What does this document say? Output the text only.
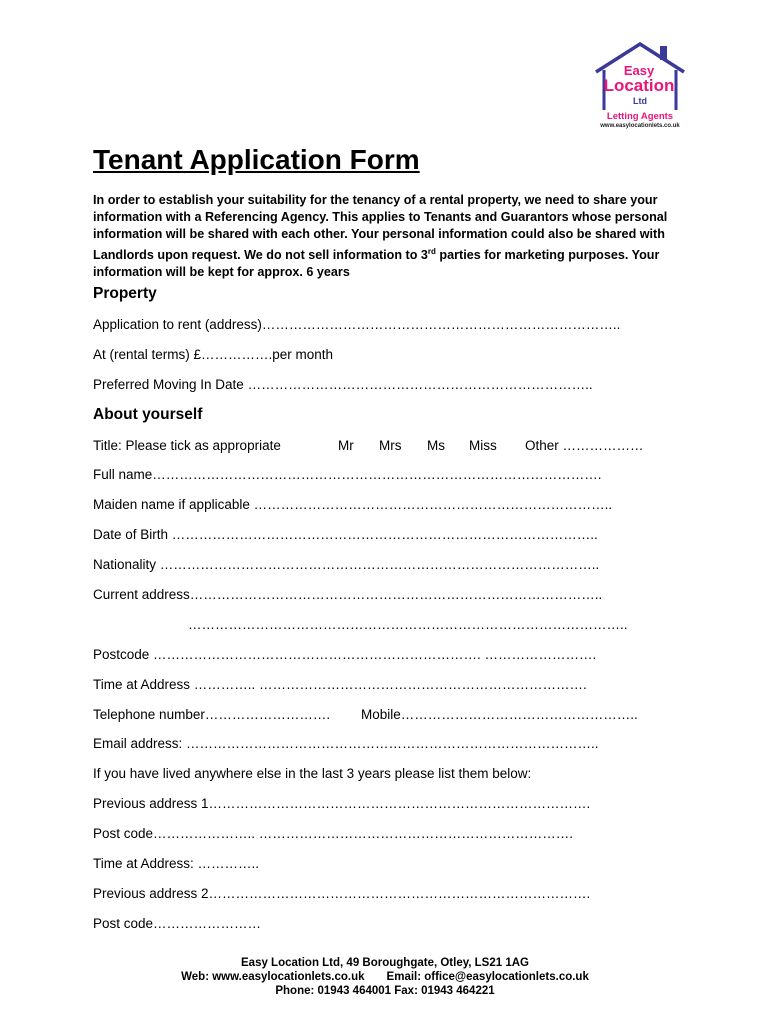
Easy
Location
Ltd
Letting Agents
www.easylocationlets.co.uk
Tenant Application Form

In order to establish your suitability for the tenancy of a rental property, we need to share your information with a Referencing Agency. This applies to Tenants and Guarantors whose personal information will be shared with each other. Your personal information could also be shared with Landlords upon request. We do not sell information to 3rd parties for marketing purposes. Your information will be kept for approx. 6 years

Property
Application to rent (address)……………………………………………………………………..
At (rental terms) £…………….per month
Preferred Moving In Date …………………………………………………………………..
About yourself
Title: Please tick as appropriate	Mr Mrs Ms Miss Other ………………
Full name……………………………………………………………………………………….
Maiden name if applicable ……………………………………………………………………..
Date of Birth …………………………………………………………………………………..
Nationality ……………………………………………………………………………………..
Current address………………………………………………………………………………..
……………………………………………………………………………………..
Postcode ………………………………………………………………. …………………….
Time at Address ………….. ……………………………………………………………….
Telephone number………………………. Mobile……………………………………………..
Email address: ………………………………………………………………………………..
If you have lived anywhere else in the last 3 years please list them below:
Previous address 1………………………………………………………………………….
Post code………………….. …………………………………………………………….
Time at Address: …………..
Previous address 2………………………………………………………………………….
Post code……………………
Easy Location Ltd, 49 Boroughgate, Otley, LS21 1AG
Web: www.easylocationlets.co.uk Email: office@easylocationlets.co.uk
Phone: 01943 464001 Fax: 01943 464221
